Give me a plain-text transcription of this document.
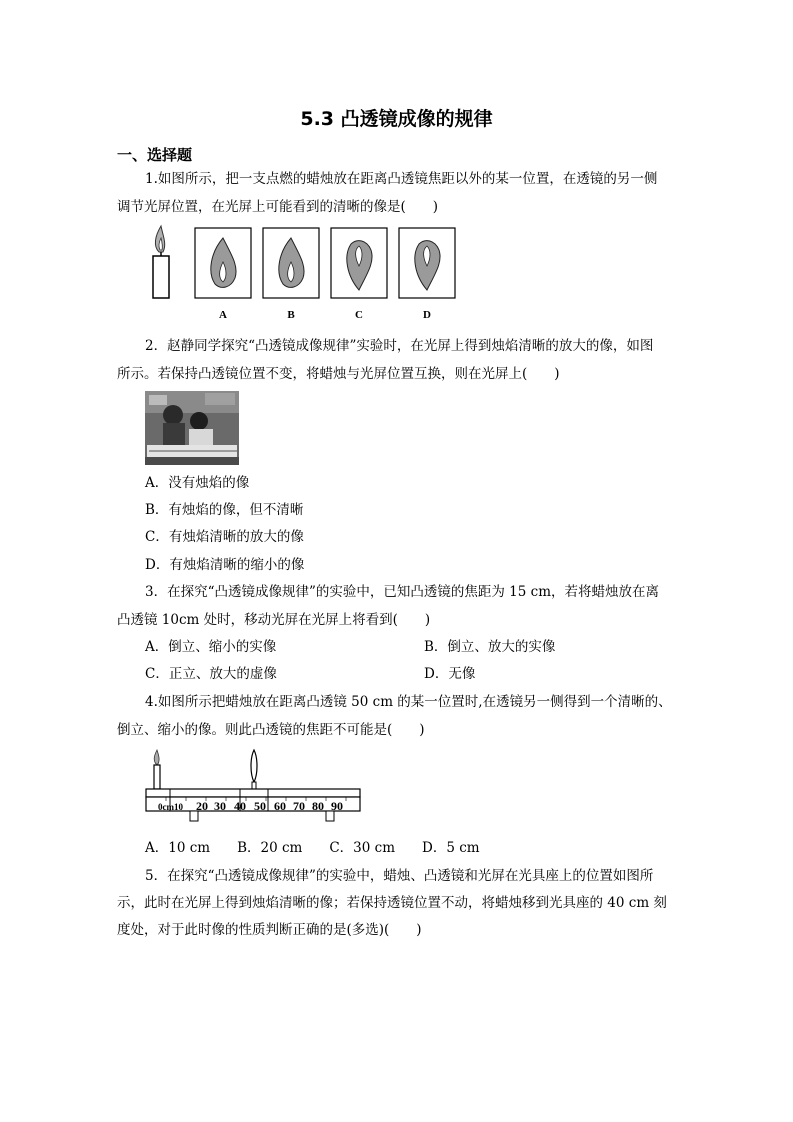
5.3 凸透镜成像的规律
一、选择题
1.如图所示，把一支点燃的蜡烛放在距离凸透镜焦距以外的某一位置，在透镜的另一侧
调节光屏位置，在光屏上可能看到的清晰的像是(　　)
A	B	C	D
2．赵静同学探究“凸透镜成像规律”实验时，在光屏上得到烛焰清晰的放大的像，如图
所示。若保持凸透镜位置不变，将蜡烛与光屏位置互换，则在光屏上(　　)
A．没有烛焰的像
B．有烛焰的像，但不清晰
C．有烛焰清晰的放大的像
D．有烛焰清晰的缩小的像
3．在探究“凸透镜成像规律”的实验中，已知凸透镜的焦距为 15 cm，若将蜡烛放在离
凸透镜 10cm 处时，移动光屏在光屏上将看到(　　)
A．倒立、缩小的实像	B．倒立、放大的实像
C．正立、放大的虚像	D．无像
4.如图所示把蜡烛放在距离凸透镜 50 cm 的某一位置时,在透镜另一侧得到一个清晰的、
倒立、缩小的像。则此凸透镜的焦距不可能是(　　)
0cm10 20 30 40 50 60 70 80 90
A．10 cm　　B．20 cm　　C．30 cm　　D．5 cm
5．在探究“凸透镜成像规律”的实验中，蜡烛、凸透镜和光屏在光具座上的位置如图所
示，此时在光屏上得到烛焰清晰的像；若保持透镜位置不动，将蜡烛移到光具座的 40 cm 刻
度处，对于此时像的性质判断正确的是(多选)(　　)
